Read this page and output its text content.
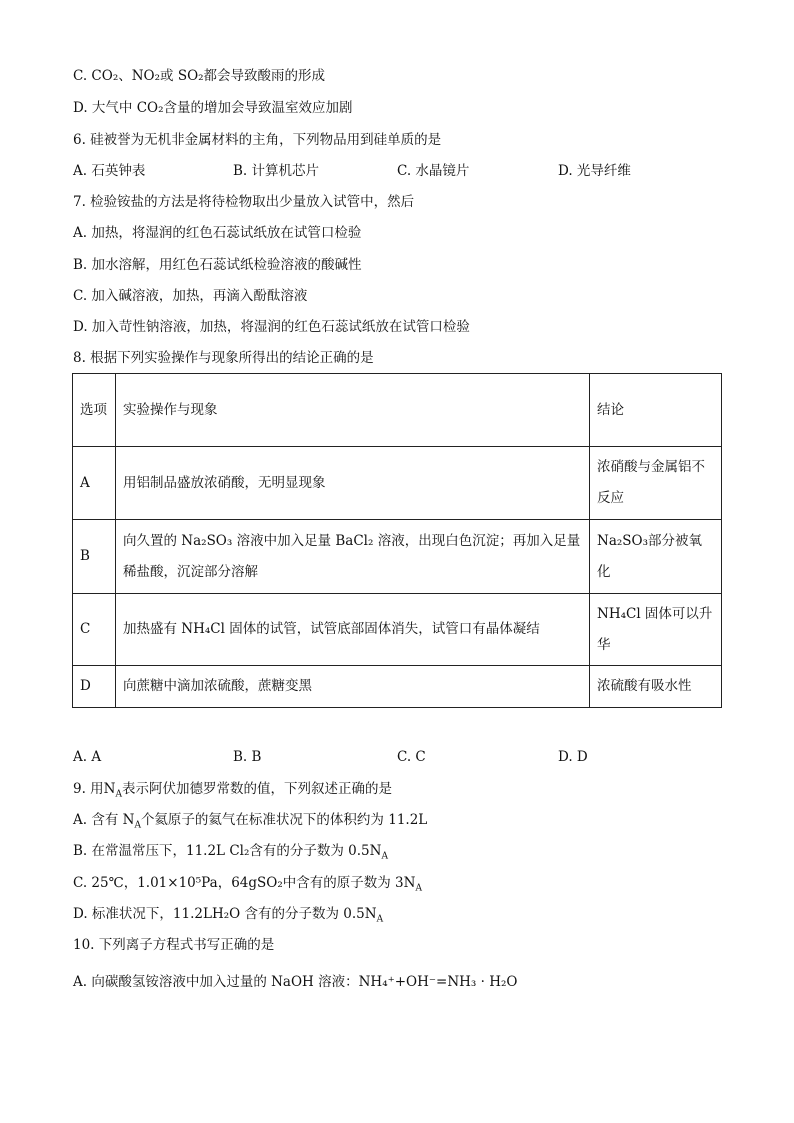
C. CO₂、NO₂或 SO₂都会导致酸雨的形成
D. 大气中 CO₂含量的增加会导致温室效应加剧
6. 硅被誉为无机非金属材料的主角，下列物品用到硅单质的是
A. 石英钟表	B. 计算机芯片	C. 水晶镜片	D. 光导纤维
7. 检验铵盐的方法是将待检物取出少量放入试管中，然后
A. 加热，将湿润的红色石蕊试纸放在试管口检验
B. 加水溶解，用红色石蕊试纸检验溶液的酸碱性
C. 加入碱溶液，加热，再滴入酚酞溶液
D. 加入苛性钠溶液，加热，将湿润的红色石蕊试纸放在试管口检验
8. 根据下列实验操作与现象所得出的结论正确的是
选项	实验操作与现象	结论
A	用铝制品盛放浓硝酸，无明显现象	浓硝酸与金属铝不反应
B	向久置的 Na₂SO₃ 溶液中加入足量 BaCl₂ 溶液，出现白色沉淀；再加入足量稀盐酸，沉淀部分溶解	Na₂SO₃部分被氧化
C	加热盛有 NH₄Cl 固体的试管，试管底部固体消失，试管口有晶体凝结	NH₄Cl 固体可以升华
D	向蔗糖中滴加浓硫酸，蔗糖变黑	浓硫酸有吸水性
A. A	B. B	C. C	D. D
9. 用$N_A$表示阿伏加德罗常数的值，下列叙述正确的是
A. 含有 $N_A$个氦原子的氦气在标准状况下的体积约为 11.2L
B. 在常温常压下，11.2L Cl₂含有的分子数为 $0.5N_A$
C. 25℃，1.01×10⁵Pa，64gSO₂中含有的原子数为 $3N_A$
D. 标准状况下，11.2LH₂O 含有的分子数为 $0.5N_A$
10. 下列离子方程式书写正确的是
A. 向碳酸氢铵溶液中加入过量的 NaOH 溶液：NH₄⁺+OH⁻=NH₃ · H₂O
